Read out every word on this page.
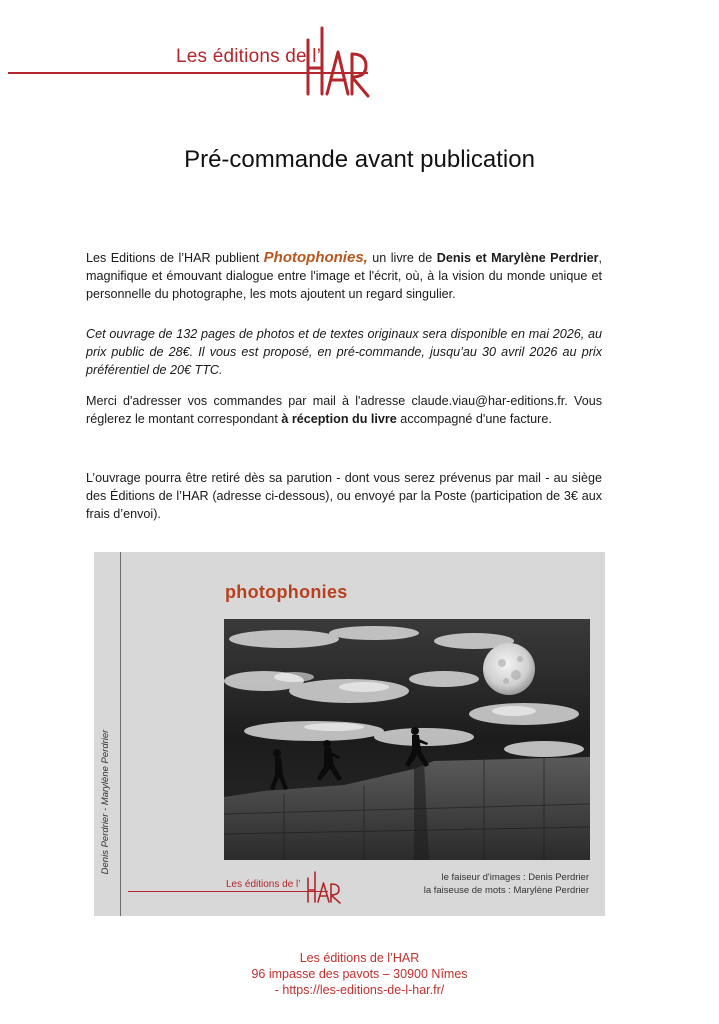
Les éditions de l’
Pré-commande avant publication

Les Editions de l’HAR publient Photophonies, un livre de Denis et Marylène Perdrier, magnifique et émouvant dialogue entre l'image et l'écrit, où, à la vision du monde unique et personnelle du photographe, les mots ajoutent un regard singulier.

Cet ouvrage de 132 pages de photos et de textes originaux sera disponible en mai 2026, au prix public de 28€. Il vous est proposé, en pré-commande, jusqu’au 30 avril 2026 au prix préférentiel de 20€ TTC.

Merci d'adresser vos commandes par mail à l'adresse claude.viau@har-editions.fr. Vous réglerez le montant correspondant à réception du livre accompagné d'une facture.

L’ouvrage pourra être retiré dès sa parution - dont vous serez prévenus par mail - au siège des Éditions de l’HAR (adresse ci-dessous), ou envoyé par la Poste (participation de 3€ aux frais d’envoi).

Denis Perdrier - Marylène Perdrier
photophonies
le faiseur d'images : Denis Perdrier
la faiseuse de mots : Marylène Perdrier
Les éditions de l’
Les éditions de l’HAR
96 impasse des pavots – 30900 Nîmes
- https://les-editions-de-l-har.fr/
